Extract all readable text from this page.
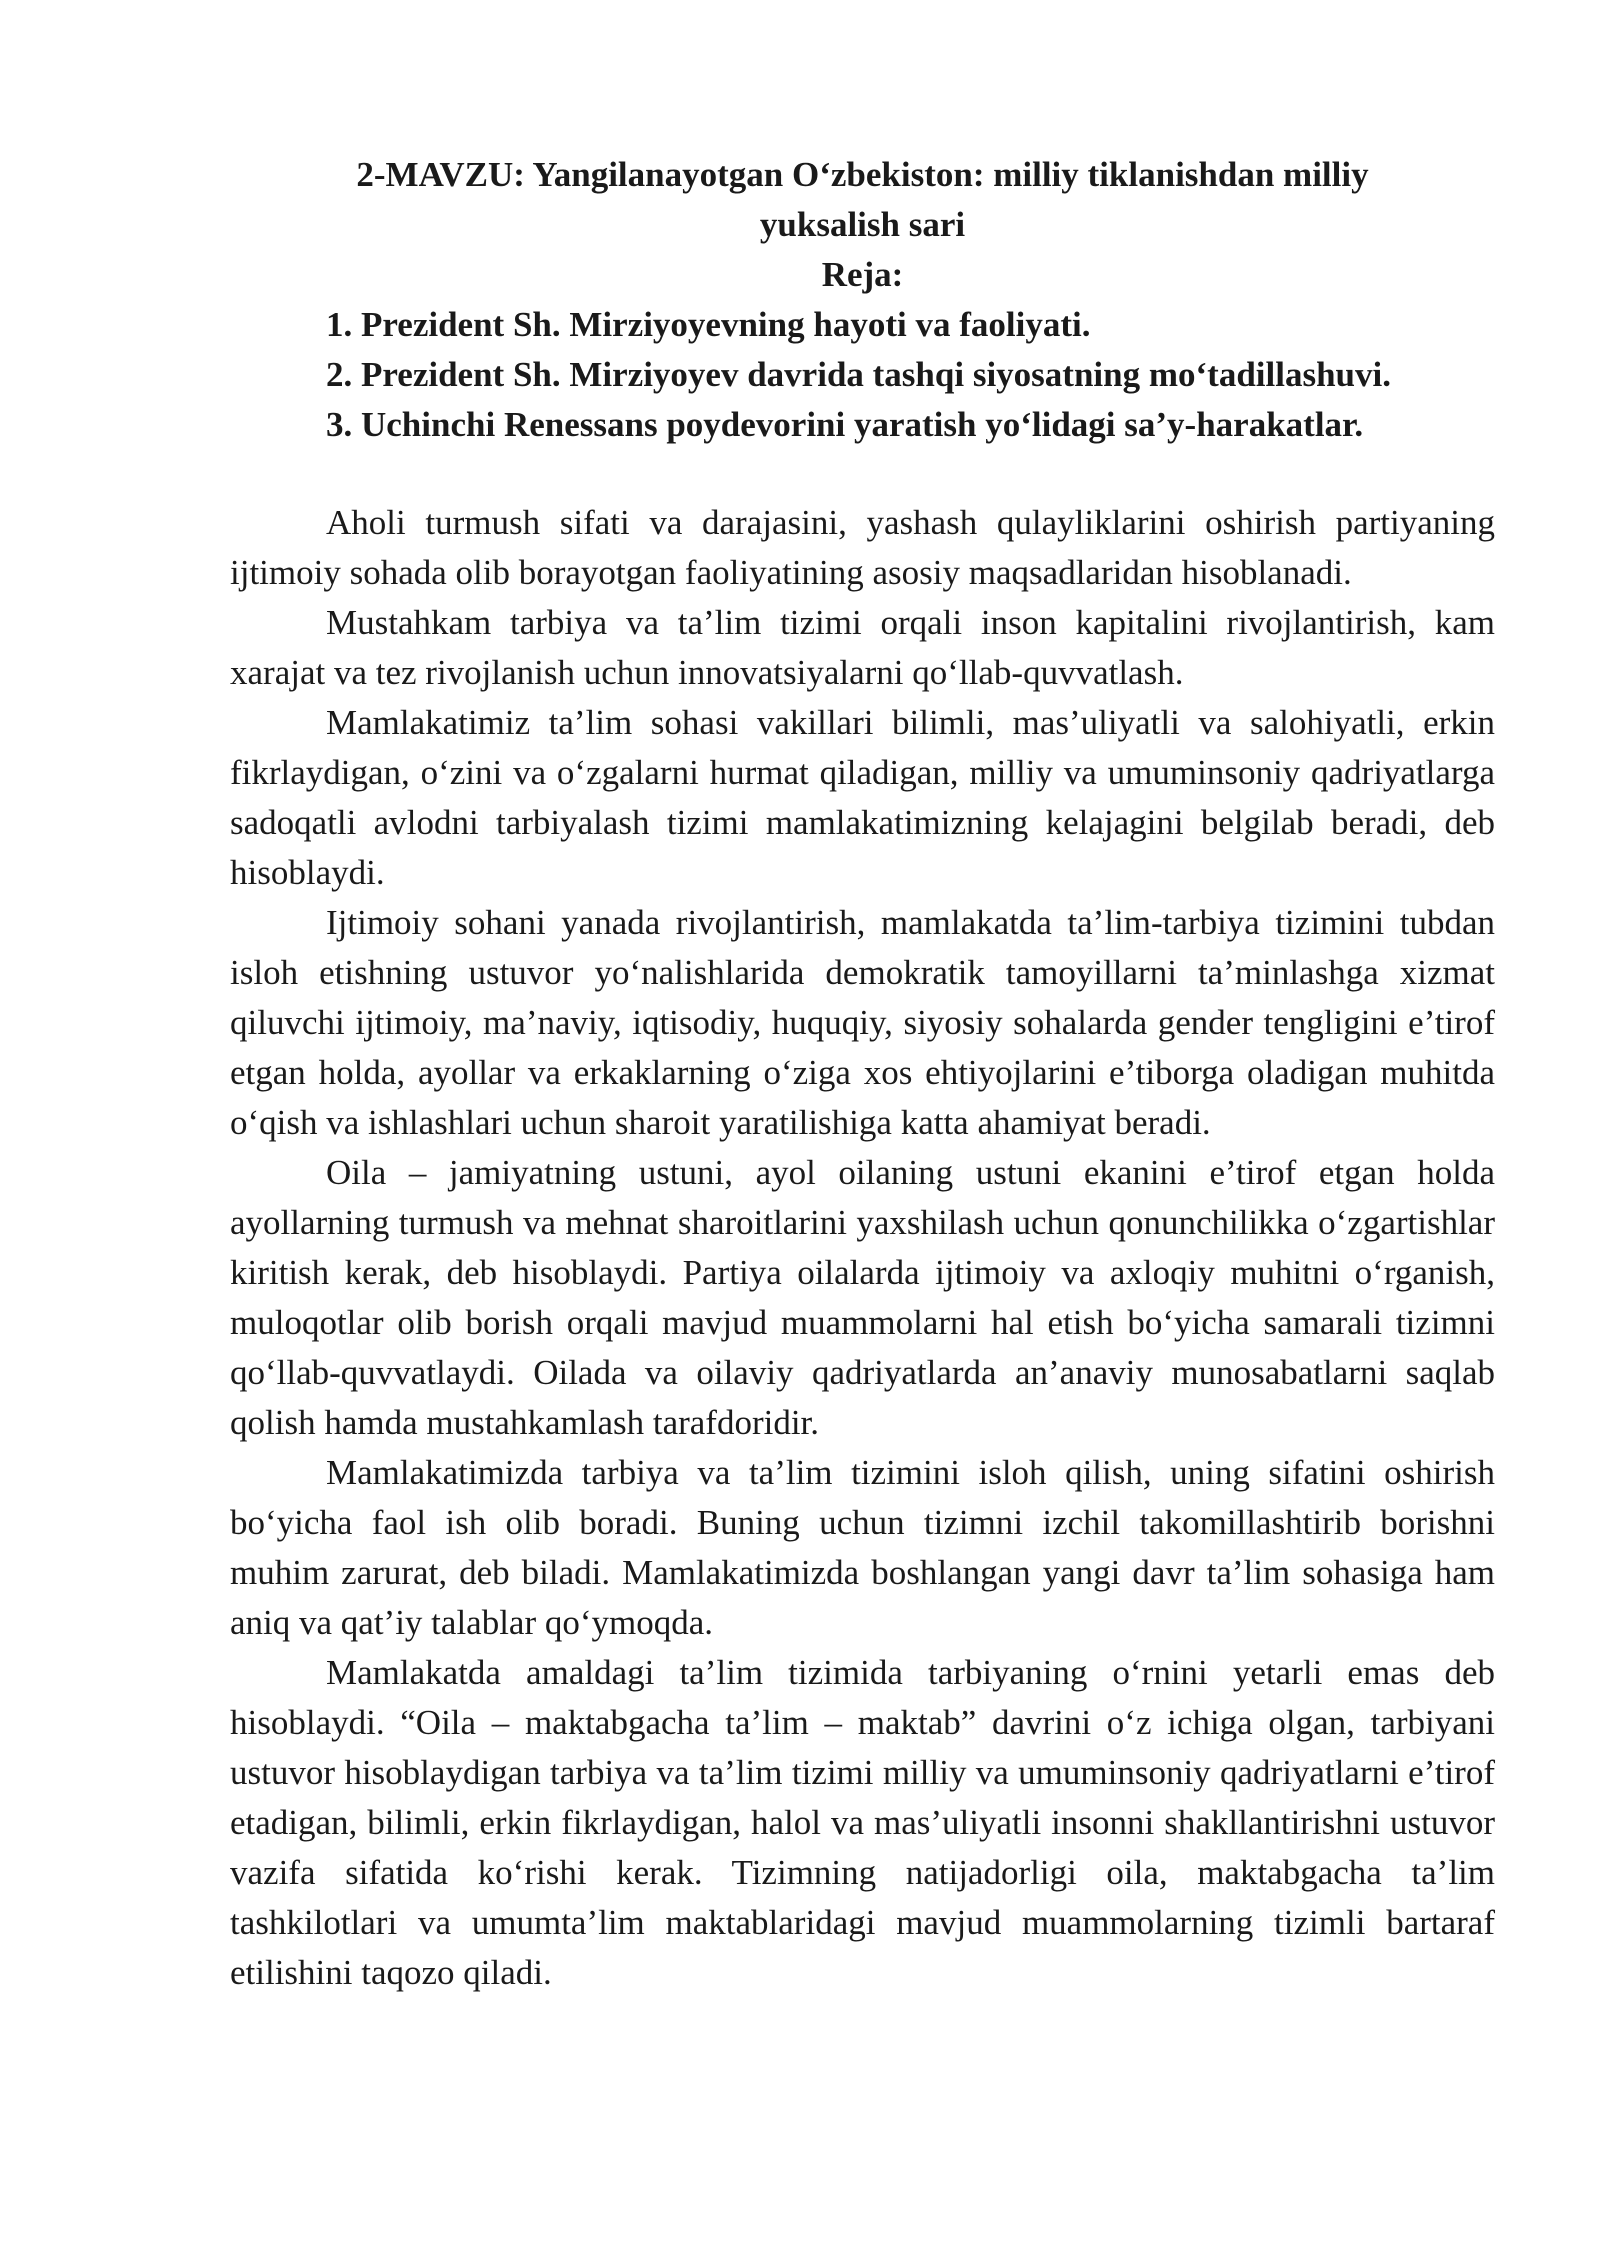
2-MAVZU: Yangilanayotgan O‘zbekiston: milliy tiklanishdan milliy
yuksalish sari
Reja:
1. Prezident Sh. Mirziyoyevning hayoti va faoliyati.
2. Prezident Sh. Mirziyoyev davrida tashqi siyosatning mo‘tadillashuvi.
3. Uchinchi Renessans poydevorini yaratish yo‘lidagi sa’y-harakatlar.

Aholi turmush sifati va darajasini, yashash qulayliklarini oshirish partiyaning ijtimoiy sohada olib borayotgan faoliyatining asosiy maqsadlaridan hisoblanadi.

Mustahkam tarbiya va ta’lim tizimi orqali inson kapitalini rivojlantirish, kam xarajat va tez rivojlanish uchun innovatsiyalarni qo‘llab-quvvatlash.

Mamlakatimiz ta’lim sohasi vakillari bilimli, mas’uliyatli va salohiyatli, erkin fikrlaydigan, o‘zini va o‘zgalarni hurmat qiladigan, milliy va umuminsoniy qadriyatlarga sadoqatli avlodni tarbiyalash tizimi mamlakatimizning kelajagini belgilab beradi, deb hisoblaydi.

Ijtimoiy sohani yanada rivojlantirish, mamlakatda ta’lim-tarbiya tizimini tubdan isloh etishning ustuvor yo‘nalishlarida demokratik tamoyillarni ta’minlashga xizmat qiluvchi ijtimoiy, ma’naviy, iqtisodiy, huquqiy, siyosiy sohalarda gender tengligini e’tirof etgan holda, ayollar va erkaklarning o‘ziga xos ehtiyojlarini e’tiborga oladigan muhitda o‘qish va ishlashlari uchun sharoit yaratilishiga katta ahamiyat beradi.

Oila – jamiyatning ustuni, ayol oilaning ustuni ekanini e’tirof etgan holda ayollarning turmush va mehnat sharoitlarini yaxshilash uchun qonunchilikka o‘zgartishlar kiritish kerak, deb hisoblaydi. Partiya oilalarda ijtimoiy va axloqiy muhitni o‘rganish, muloqotlar olib borish orqali mavjud muammolarni hal etish bo‘yicha samarali tizimni qo‘llab-quvvatlaydi. Oilada va oilaviy qadriyatlarda an’anaviy munosabatlarni saqlab qolish hamda mustahkamlash tarafdoridir.

Mamlakatimizda tarbiya va ta’lim tizimini isloh qilish, uning sifatini oshirish bo‘yicha faol ish olib boradi. Buning uchun tizimni izchil takomillashtirib borishni muhim zarurat, deb biladi. Mamlakatimizda boshlangan yangi davr ta’lim sohasiga ham aniq va qat’iy talablar qo‘ymoqda.

Mamlakatda amaldagi ta’lim tizimida tarbiyaning o‘rnini yetarli emas deb hisoblaydi. “Oila – maktabgacha ta’lim – maktab” davrini o‘z ichiga olgan, tarbiyani ustuvor hisoblaydigan tarbiya va ta’lim tizimi milliy va umuminsoniy qadriyatlarni e’tirof etadigan, bilimli, erkin fikrlaydigan, halol va mas’uliyatli insonni shakllantirishni ustuvor vazifa sifatida ko‘rishi kerak. Tizimning natijadorligi oila, maktabgacha ta’lim tashkilotlari va umumta’lim maktablaridagi mavjud muammolarning tizimli bartaraf etilishini taqozo qiladi.
